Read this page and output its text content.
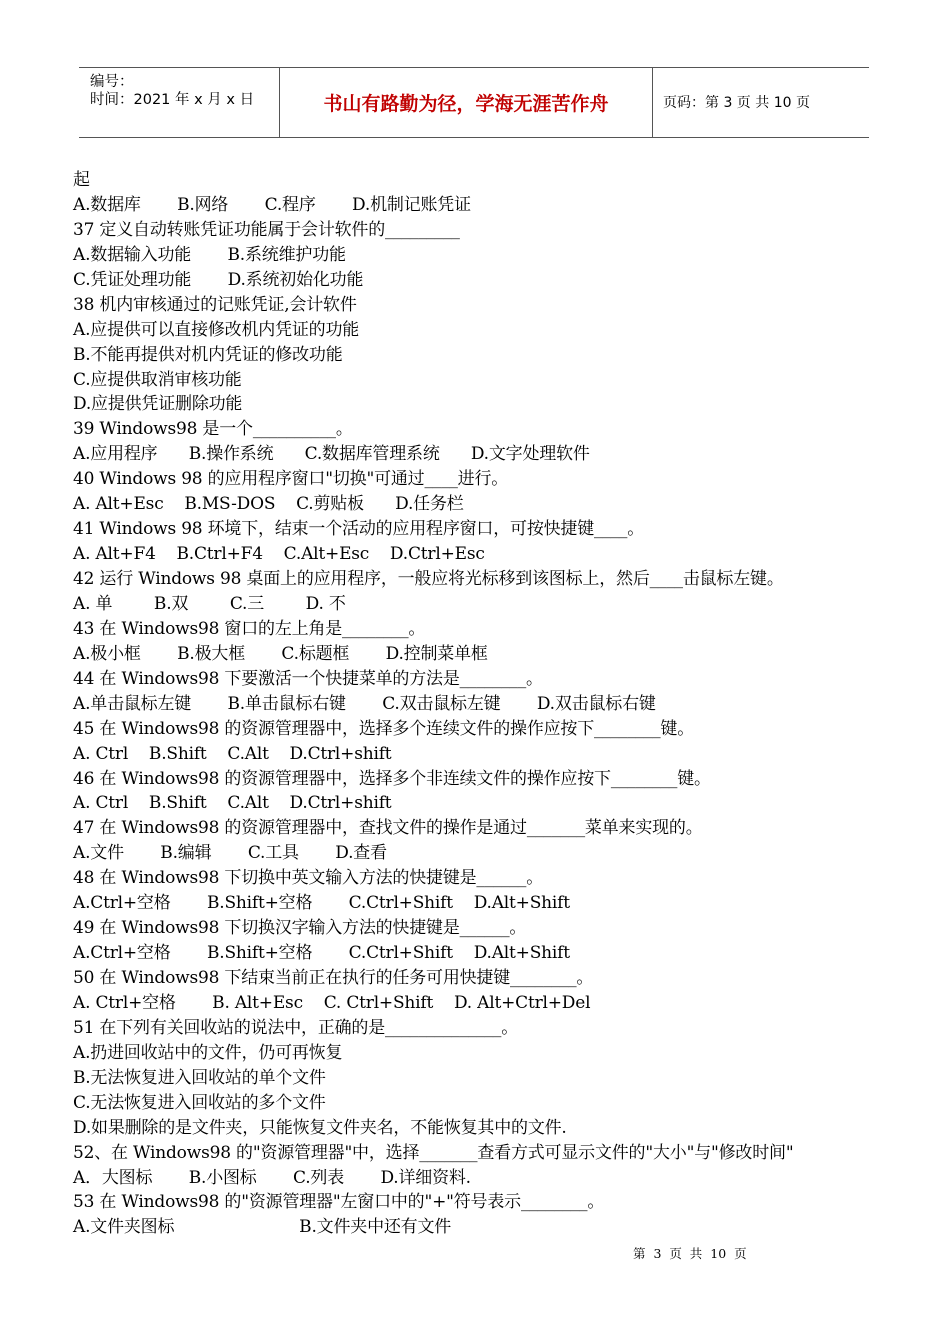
编号：
时间：2021 年 x 月 x 日	书山有路勤为径，学海无涯苦作舟	页码：第 3 页 共 10 页
起
A.数据库       B.网络       C.程序       D.机制记账凭证
37 定义自动转账凭证功能属于会计软件的_________
A.数据输入功能       B.系统维护功能
C.凭证处理功能       D.系统初始化功能
38 机内审核通过的记账凭证,会计软件
A.应提供可以直接修改机内凭证的功能
B.不能再提供对机内凭证的修改功能
C.应提供取消审核功能
D.应提供凭证删除功能
39 Windows98 是一个__________。
A.应用程序      B.操作系统      C.数据库管理系统      D.文字处理软件
40 Windows 98 的应用程序窗口"切换"可通过____进行。
A. Alt+Esc    B.MS-DOS    C.剪贴板      D.任务栏
41 Windows 98 环境下，结束一个活动的应用程序窗口，可按快捷键____。
A. Alt+F4    B.Ctrl+F4    C.Alt+Esc    D.Ctrl+Esc
42 运行 Windows 98 桌面上的应用程序，一般应将光标移到该图标上，然后____击鼠标左键。
A. 单        B.双        C.三        D. 不
43 在 Windows98 窗口的左上角是________。
A.极小框       B.极大框       C.标题框       D.控制菜单框
44 在 Windows98 下要激活一个快捷菜单的方法是________。
A.单击鼠标左键       B.单击鼠标右键       C.双击鼠标左键       D.双击鼠标右键
45 在 Windows98 的资源管理器中，选择多个连续文件的操作应按下________键。
A. Ctrl    B.Shift    C.Alt    D.Ctrl+shift
46 在 Windows98 的资源管理器中，选择多个非连续文件的操作应按下________键。
A. Ctrl    B.Shift    C.Alt    D.Ctrl+shift
47 在 Windows98 的资源管理器中，查找文件的操作是通过_______菜单来实现的。
A.文件       B.编辑       C.工具       D.查看
48 在 Windows98 下切换中英文输入方法的快捷键是______。
A.Ctrl+空格       B.Shift+空格       C.Ctrl+Shift    D.Alt+Shift
49 在 Windows98 下切换汉字输入方法的快捷键是______。
A.Ctrl+空格       B.Shift+空格       C.Ctrl+Shift    D.Alt+Shift
50 在 Windows98 下结束当前正在执行的任务可用快捷键________。
A. Ctrl+空格       B. Alt+Esc    C. Ctrl+Shift    D. Alt+Ctrl+Del
51 在下列有关回收站的说法中，正确的是______________。
A.扔进回收站中的文件，仍可再恢复
B.无法恢复进入回收站的单个文件
C.无法恢复进入回收站的多个文件
D.如果删除的是文件夹，只能恢复文件夹名，不能恢复其中的文件.
52、在 Windows98 的"资源管理器"中，选择_______查看方式可显示文件的"大小"与"修改时间"
A．大图标       B.小图标       C.列表       D.详细资料.
53 在 Windows98 的"资源管理器"左窗口中的"+"符号表示________。
A.文件夹图标                        B.文件夹中还有文件
第  3  页  共  10  页
